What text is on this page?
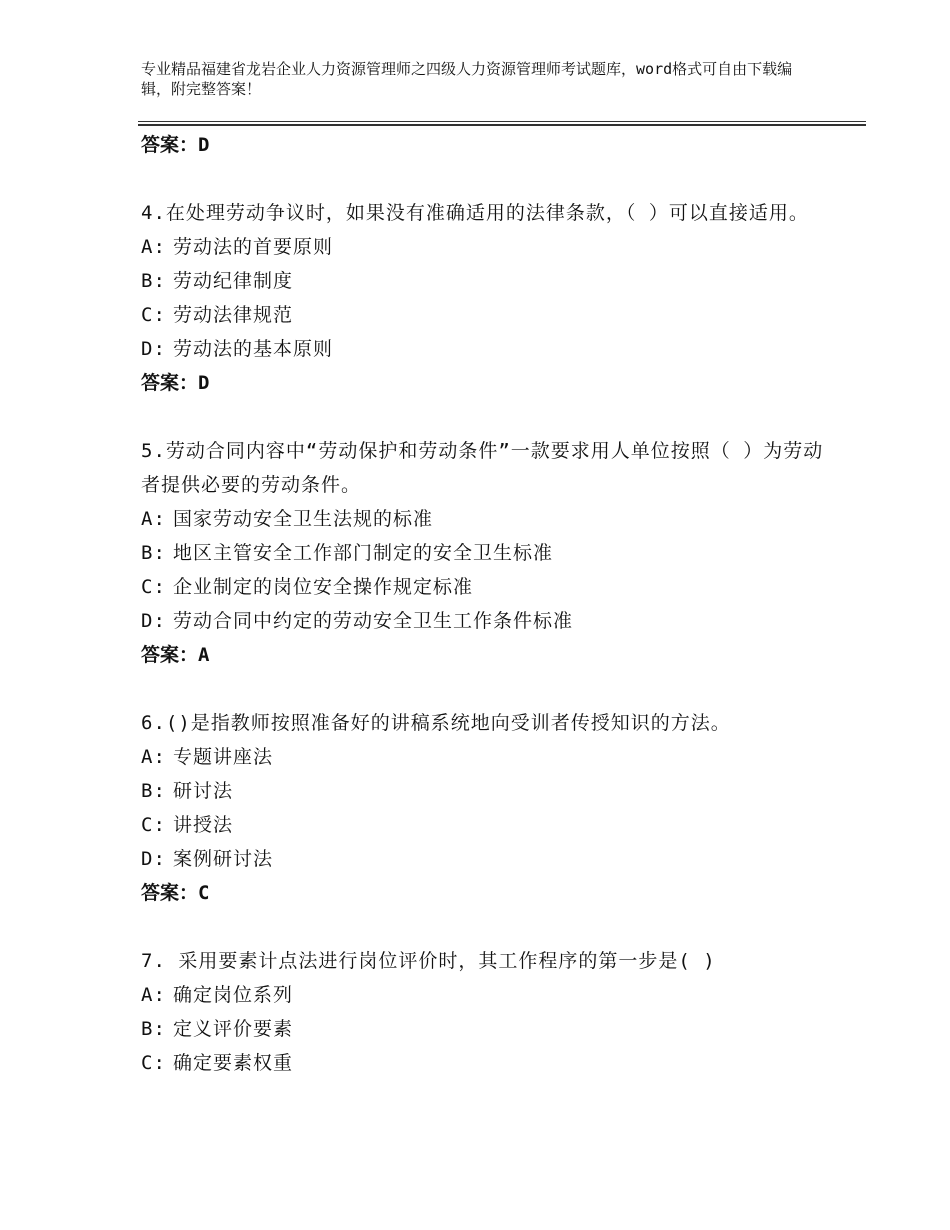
专业精品福建省龙岩企业人力资源管理师之四级人力资源管理师考试题库，word格式可自由下载编辑，附完整答案！
答案：D
4.在处理劳动争议时，如果没有准确适用的法律条款，（ ）可以直接适用。
A: 劳动法的首要原则
B: 劳动纪律制度
C: 劳动法律规范
D: 劳动法的基本原则
答案：D
5.劳动合同内容中“劳动保护和劳动条件”一款要求用人单位按照（ ）为劳动者提供必要的劳动条件。
A: 国家劳动安全卫生法规的标准
B: 地区主管安全工作部门制定的安全卫生标准
C: 企业制定的岗位安全操作规定标准
D: 劳动合同中约定的劳动安全卫生工作条件标准
答案：A
6.()是指教师按照准备好的讲稿系统地向受训者传授知识的方法。
A: 专题讲座法
B: 研讨法
C: 讲授法
D: 案例研讨法
答案：C
7. 采用要素计点法进行岗位评价时，其工作程序的第一步是( )
A: 确定岗位系列
B: 定义评价要素
C: 确定要素权重
